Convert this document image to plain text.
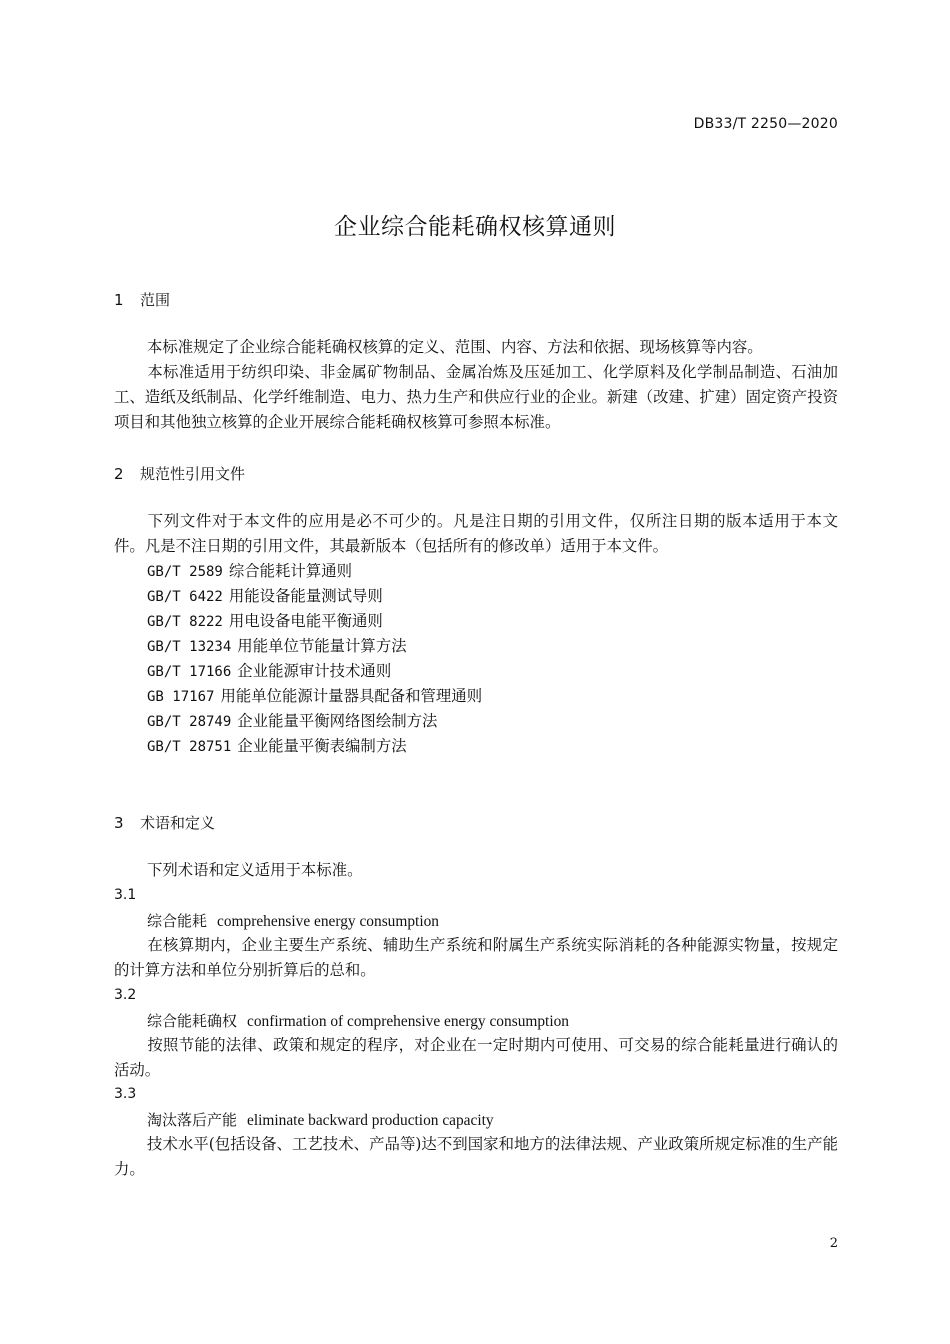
DB33/T 2250—2020
企业综合能耗确权核算通则
1 范围
本标准规定了企业综合能耗确权核算的定义、范围、内容、方法和依据、现场核算等内容。
本标准适用于纺织印染、非金属矿物制品、金属冶炼及压延加工、化学原料及化学制品制造、石油加工、造纸及纸制品、化学纤维制造、电力、热力生产和供应行业的企业。新建（改建、扩建）固定资产投资项目和其他独立核算的企业开展综合能耗确权核算可参照本标准。
2 规范性引用文件
下列文件对于本文件的应用是必不可少的。凡是注日期的引用文件，仅所注日期的版本适用于本文件。凡是不注日期的引用文件，其最新版本（包括所有的修改单）适用于本文件。
GB/T 2589 综合能耗计算通则
GB/T 6422 用能设备能量测试导则
GB/T 8222 用电设备电能平衡通则
GB/T 13234 用能单位节能量计算方法
GB/T 17166 企业能源审计技术通则
GB 17167 用能单位能源计量器具配备和管理通则
GB/T 28749 企业能量平衡网络图绘制方法
GB/T 28751 企业能量平衡表编制方法
3 术语和定义
下列术语和定义适用于本标准。
3.1
综合能耗 comprehensive energy consumption
在核算期内，企业主要生产系统、辅助生产系统和附属生产系统实际消耗的各种能源实物量，按规定的计算方法和单位分别折算后的总和。
3.2
综合能耗确权 confirmation of comprehensive energy consumption
按照节能的法律、政策和规定的程序，对企业在一定时期内可使用、可交易的综合能耗量进行确认的活动。
3.3
淘汰落后产能 eliminate backward production capacity
技术水平(包括设备、工艺技术、产品等)达不到国家和地方的法律法规、产业政策所规定标准的生产能力。
2
